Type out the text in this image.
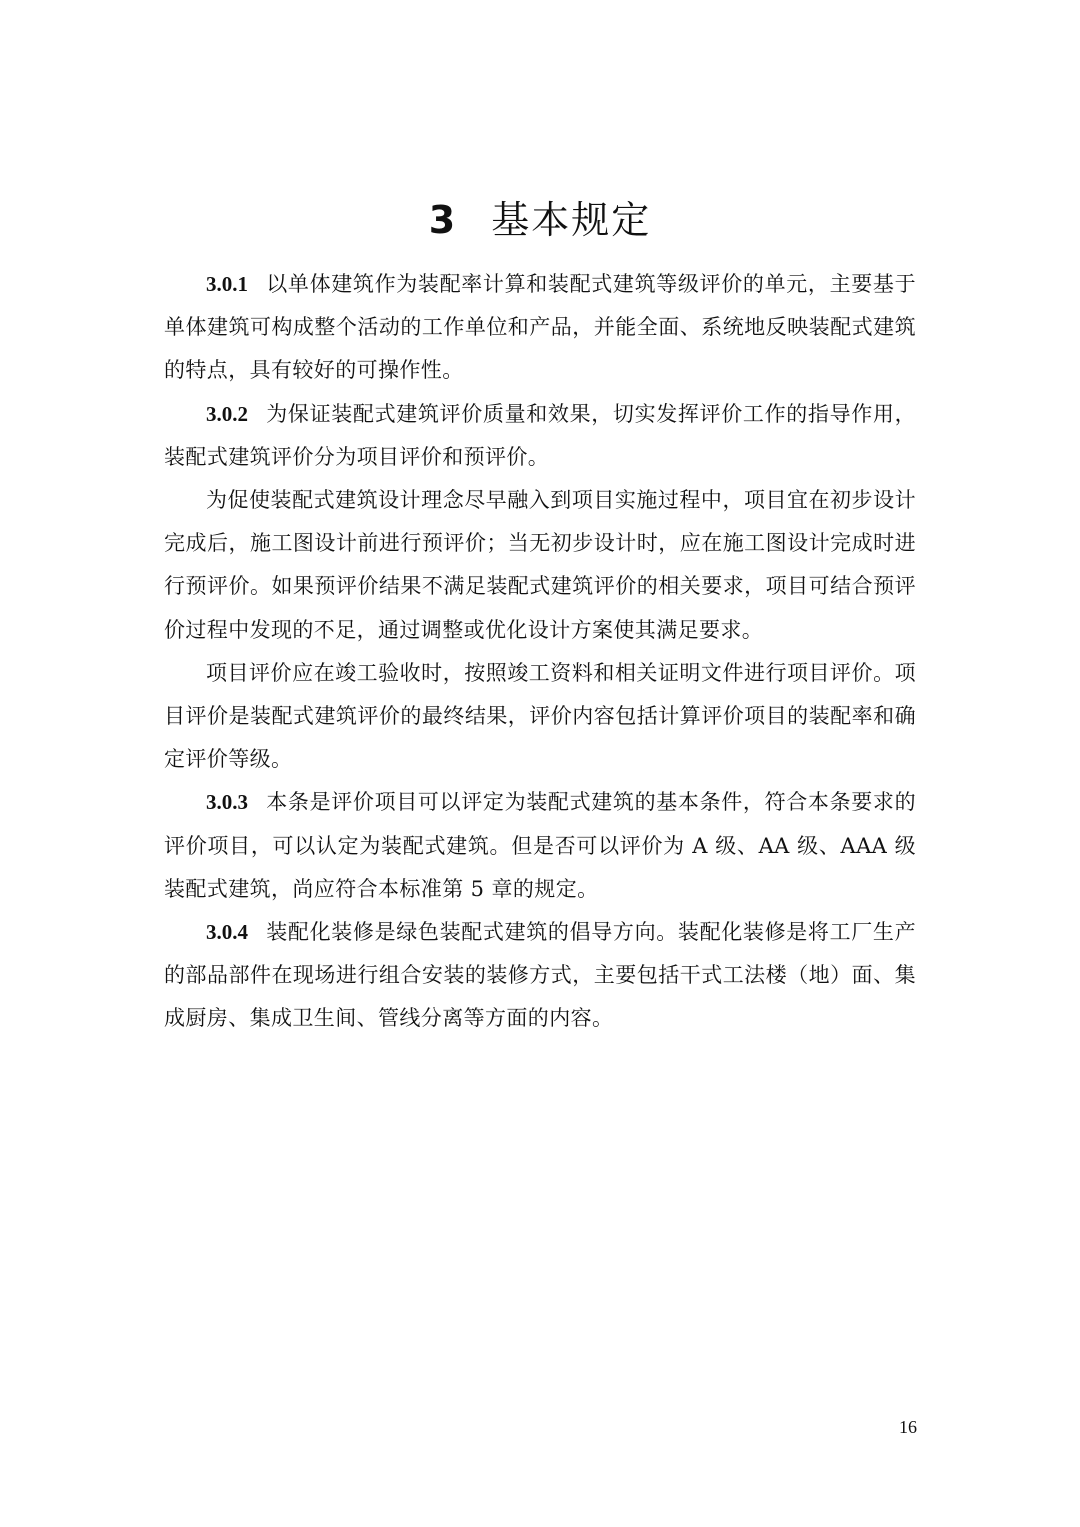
3 基本规定

3.0.1 以单体建筑作为装配率计算和装配式建筑等级评价的单元，主要基于单体建筑可构成整个活动的工作单位和产品，并能全面、系统地反映装配式建筑的特点，具有较好的可操作性。

3.0.2 为保证装配式建筑评价质量和效果，切实发挥评价工作的指导作用，装配式建筑评价分为项目评价和预评价。

为促使装配式建筑设计理念尽早融入到项目实施过程中，项目宜在初步设计完成后，施工图设计前进行预评价；当无初步设计时，应在施工图设计完成时进行预评价。如果预评价结果不满足装配式建筑评价的相关要求，项目可结合预评价过程中发现的不足，通过调整或优化设计方案使其满足要求。

项目评价应在竣工验收时，按照竣工资料和相关证明文件进行项目评价。项目评价是装配式建筑评价的最终结果，评价内容包括计算评价项目的装配率和确定评价等级。

3.0.3 本条是评价项目可以评定为装配式建筑的基本条件，符合本条要求的评价项目，可以认定为装配式建筑。但是否可以评价为 A 级、AA 级、AAA 级装配式建筑，尚应符合本标准第 5 章的规定。

3.0.4 装配化装修是绿色装配式建筑的倡导方向。装配化装修是将工厂生产的部品部件在现场进行组合安装的装修方式，主要包括干式工法楼（地）面、集成厨房、集成卫生间、管线分离等方面的内容。

16
